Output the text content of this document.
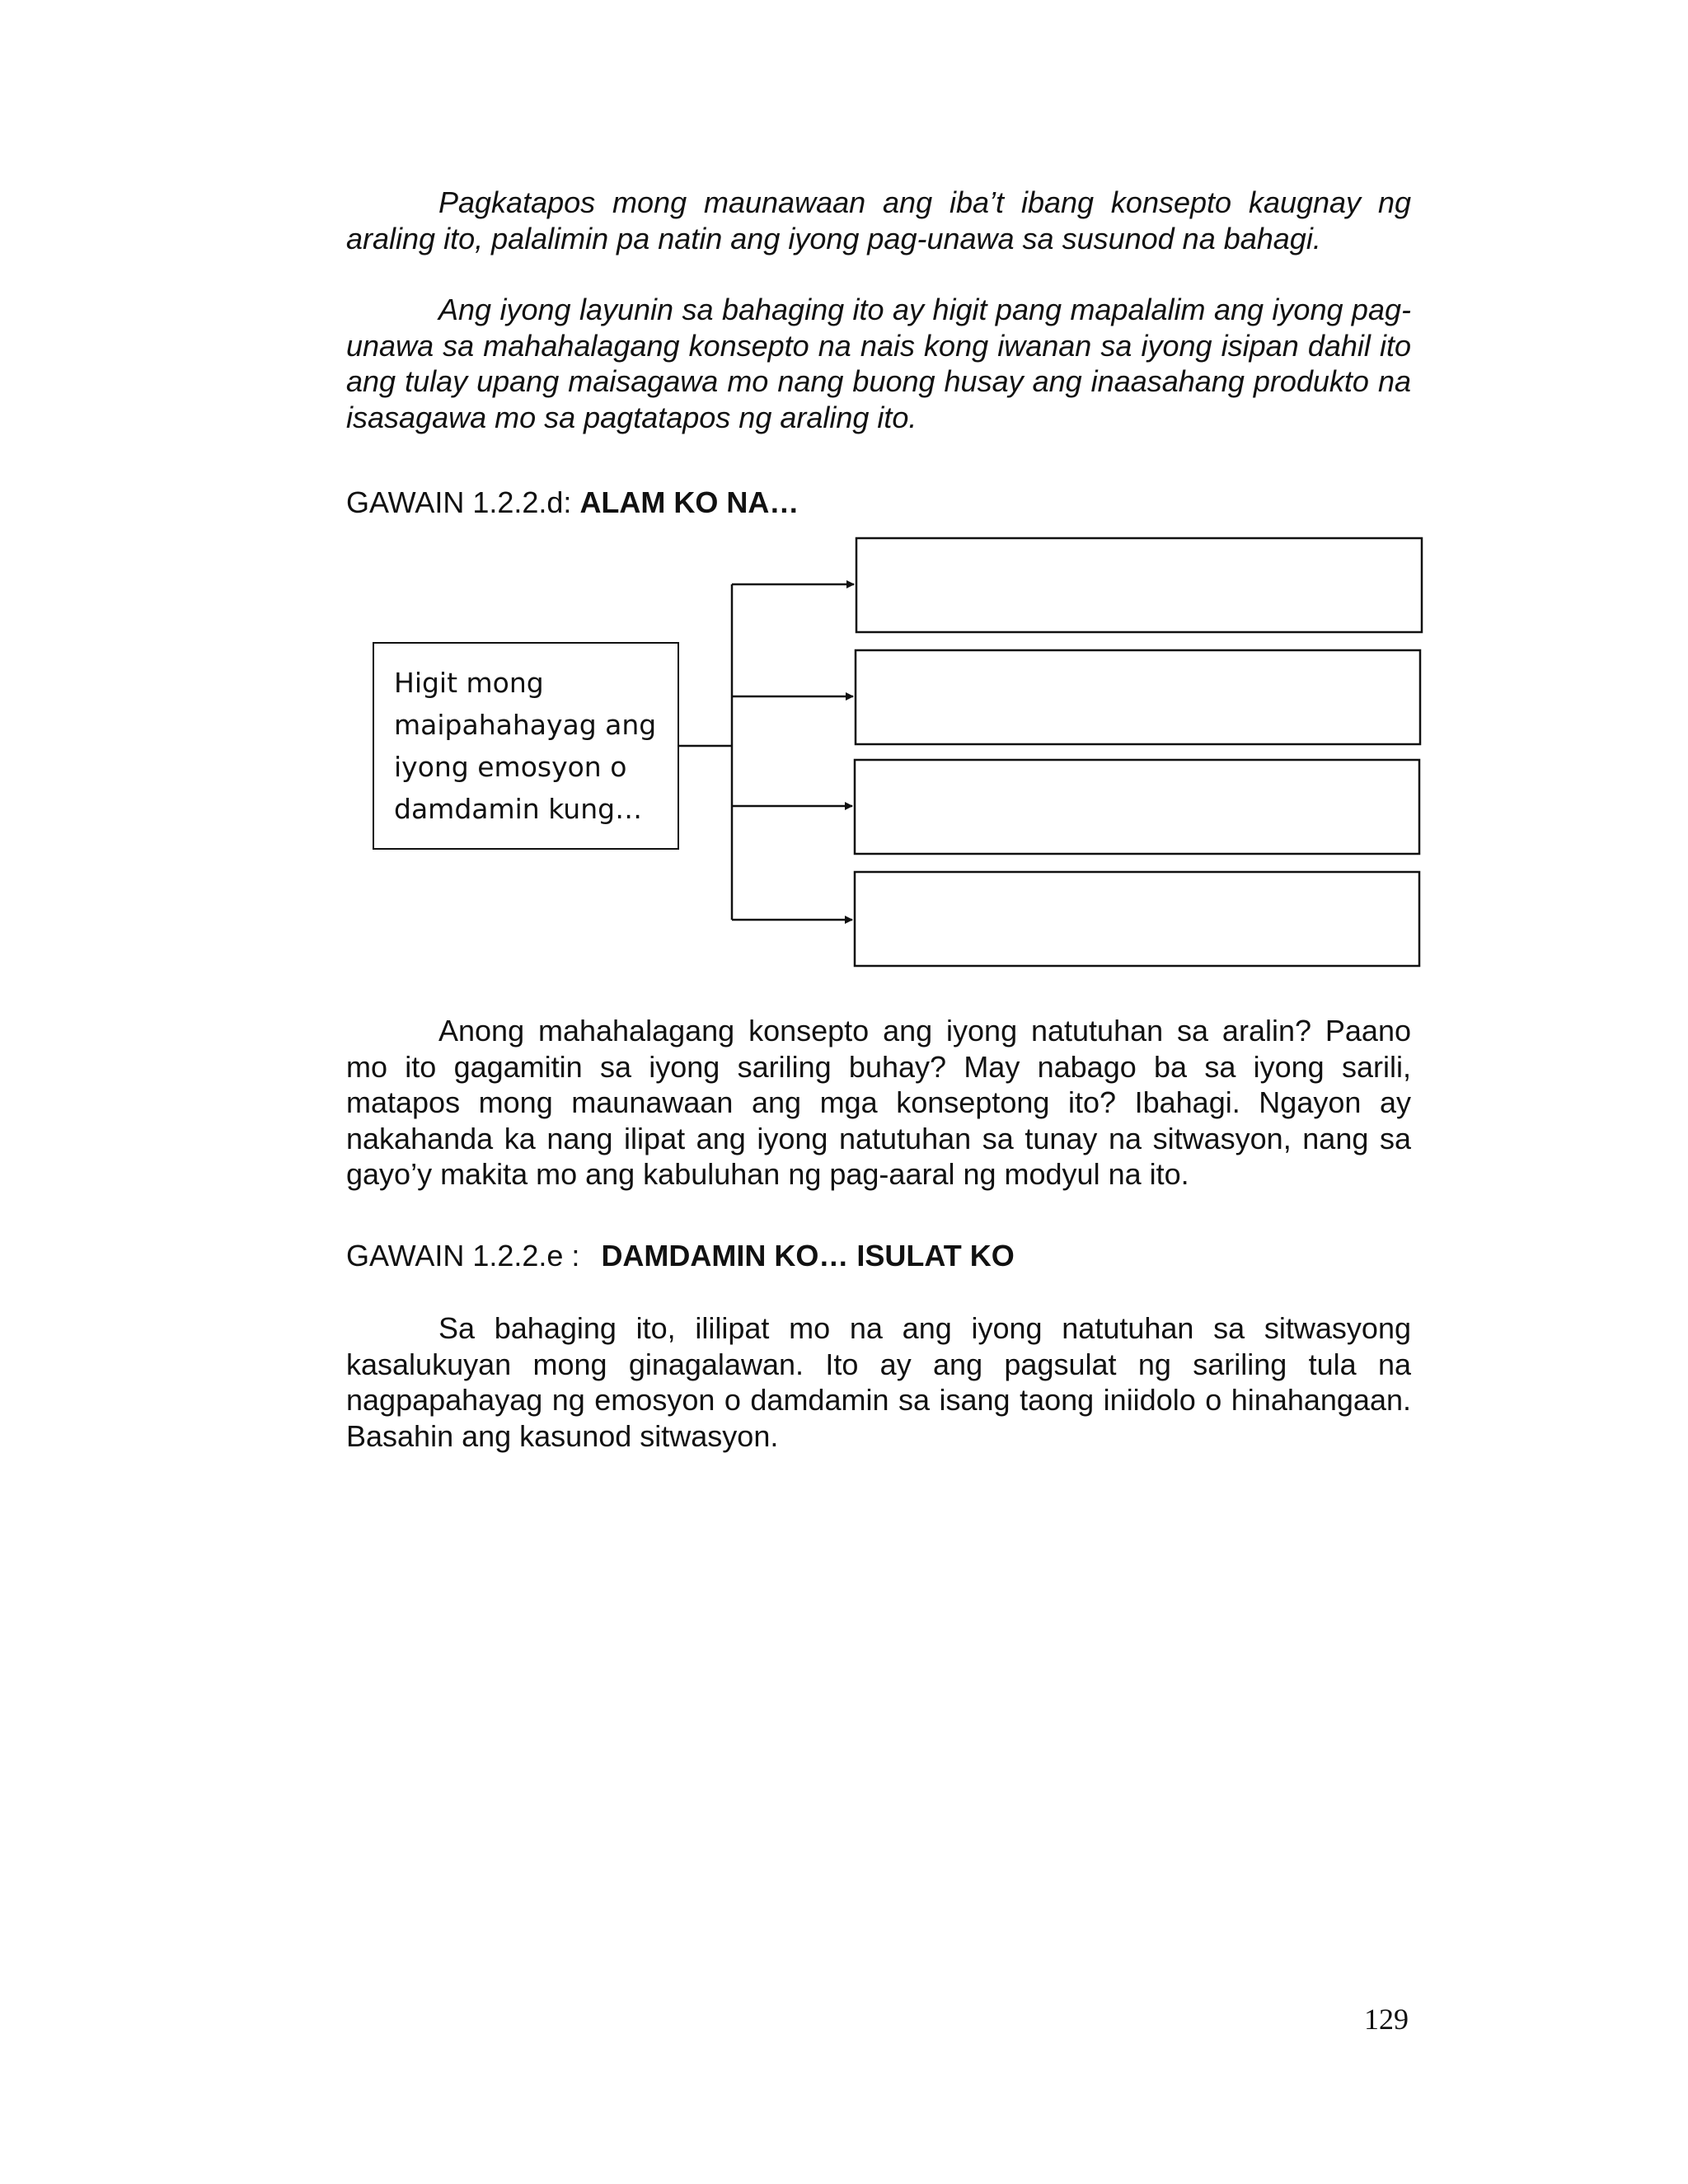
Pagkatapos mong maunawaan ang iba’t ibang konsepto kaugnay ng araling ito, palalimin pa natin ang iyong pag-unawa sa susunod na bahagi.

Ang iyong layunin sa bahaging ito ay higit pang mapalalim ang iyong pag-unawa sa mahahalagang konsepto na nais kong iwanan sa iyong isipan dahil ito ang tulay upang maisagawa mo nang buong husay ang inaasahang produkto na isasagawa mo sa pagtatapos ng araling ito.

GAWAIN 1.2.2.d: ALAM KO NA…
Higit mong maipahahayag ang iyong emosyon o damdamin kung…

Anong mahahalagang konsepto ang iyong natutuhan sa aralin? Paano mo ito gagamitin sa iyong sariling buhay? May nabago ba sa iyong sarili, matapos mong maunawaan ang mga konseptong ito? Ibahagi. Ngayon ay nakahanda ka nang ilipat ang iyong natutuhan sa tunay na sitwasyon, nang sa gayo’y makita mo ang kabuluhan ng pag-aaral ng modyul na ito.

GAWAIN 1.2.2.e : DAMDAMIN KO… ISULAT KO

Sa bahaging ito, ililipat mo na ang iyong natutuhan sa sitwasyong kasalukuyan mong ginagalawan. Ito ay ang pagsulat ng sariling tula na nagpapahayag ng emosyon o damdamin sa isang taong iniidolo o hinahangaan. Basahin ang kasunod sitwasyon.

129
